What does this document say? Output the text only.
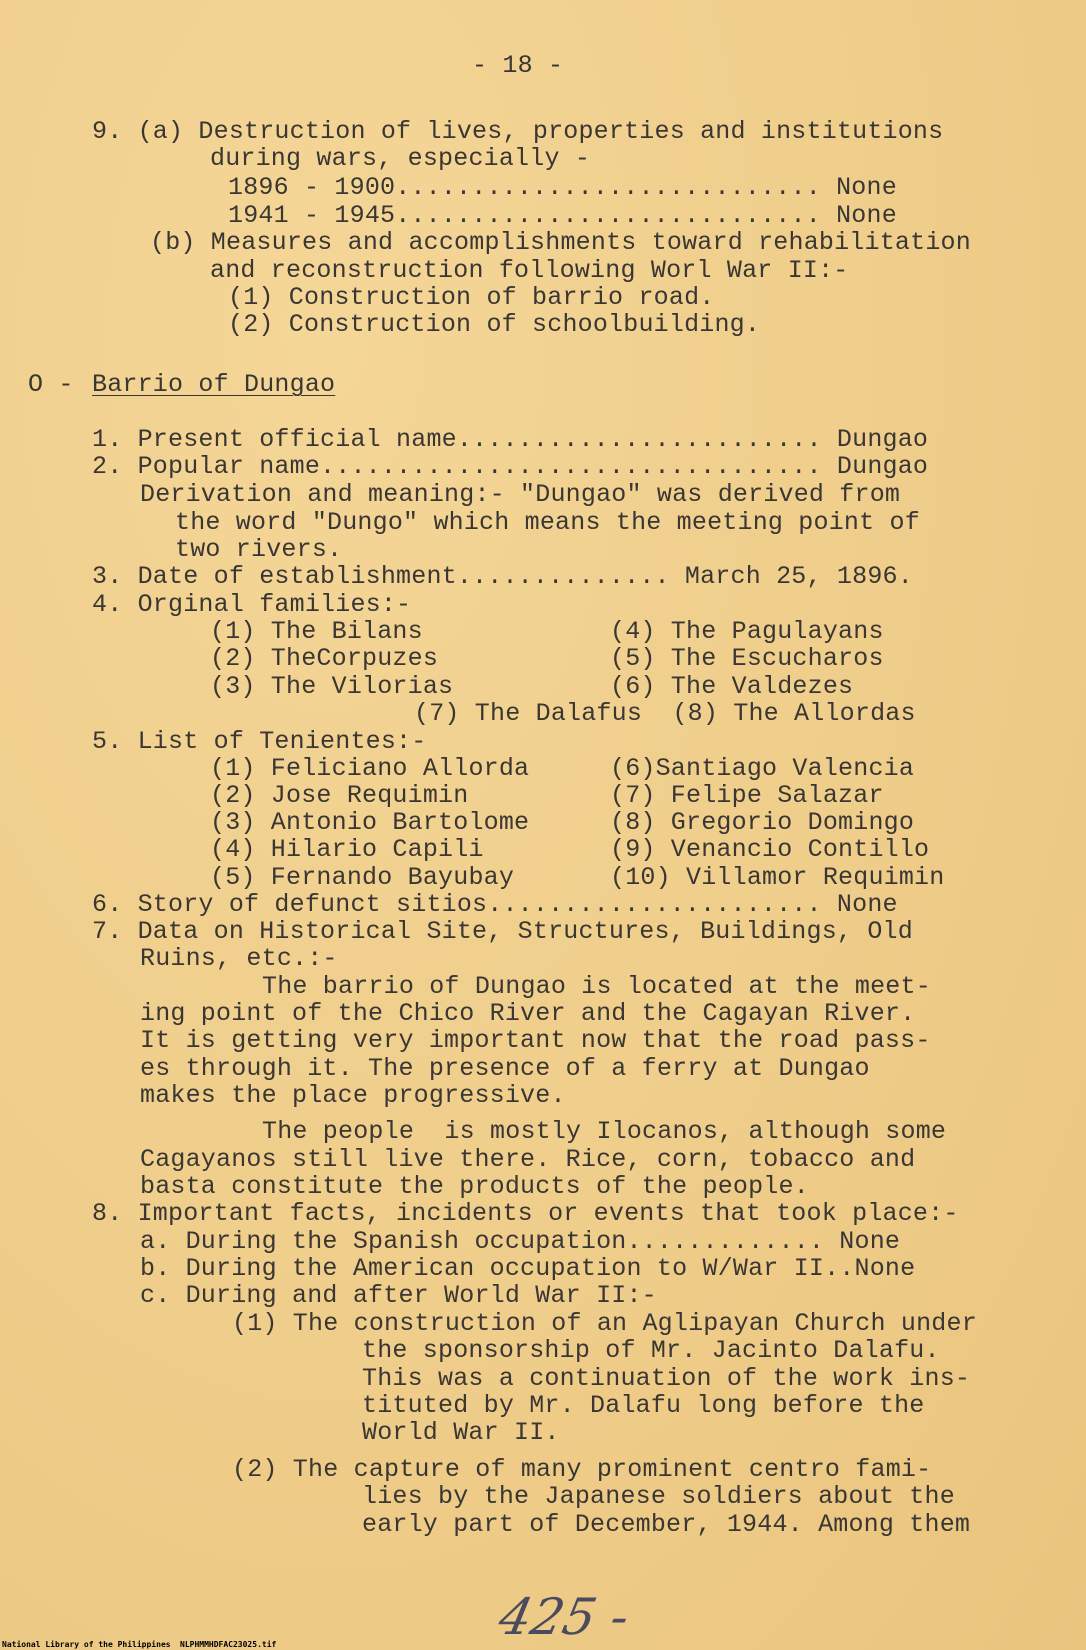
- 18 -
9. (a) Destruction of lives, properties and institutions
during wars, especially -
1896 - 1900............................ None
1941 - 1945............................ None
(b) Measures and accomplishments toward rehabilitation
and reconstruction following Worl War II:-
(1) Construction of barrio road.
(2) Construction of schoolbuilding.
O - Barrio of Dungao
1. Present official name........................ Dungao
2. Popular name................................. Dungao
Derivation and meaning:- "Dungao" was derived from
the word "Dungo" which means the meeting point of
two rivers.
3. Date of establishment.............. March 25, 1896.
4. Orginal families:-
(1) The Bilans	(4) The Pagulayans
(2) TheCorpuzes	(5) The Escucharos
(3) The Vilorias	(6) The Valdezes
(7) The Dalafus  (8) The Allordas
5. List of Tenientes:-
(1) Feliciano Allorda	(6)Santiago Valencia
(2) Jose Requimin	(7) Felipe Salazar
(3) Antonio Bartolome	(8) Gregorio Domingo
(4) Hilario Capili	(9) Venancio Contillo
(5) Fernando Bayubay	(10) Villamor Requimin
6. Story of defunct sitios...................... None
7. Data on Historical Site, Structures, Buildings, Old
Ruins, etc.:-
The barrio of Dungao is located at the meet-
ing point of the Chico River and the Cagayan River.
It is getting very important now that the road pass-
es through it. The presence of a ferry at Dungao
makes the place progressive.
The people  is mostly Ilocanos, although some
Cagayanos still live there. Rice, corn, tobacco and
basta constitute the products of the people.
8. Important facts, incidents or events that took place:-
a. During the Spanish occupation............. None
b. During the American occupation to W/War II..None
c. During and after World War II:-
(1) The construction of an Aglipayan Church under
the sponsorship of Mr. Jacinto Dalafu.
This was a continuation of the work ins-
tituted by Mr. Dalafu long before the
World War II.
(2) The capture of many prominent centro fami-
lies by the Japanese soldiers about the
early part of December, 1944. Among them
425 -
National Library of the Philippines NLPHMMHDFAC23025.tif
